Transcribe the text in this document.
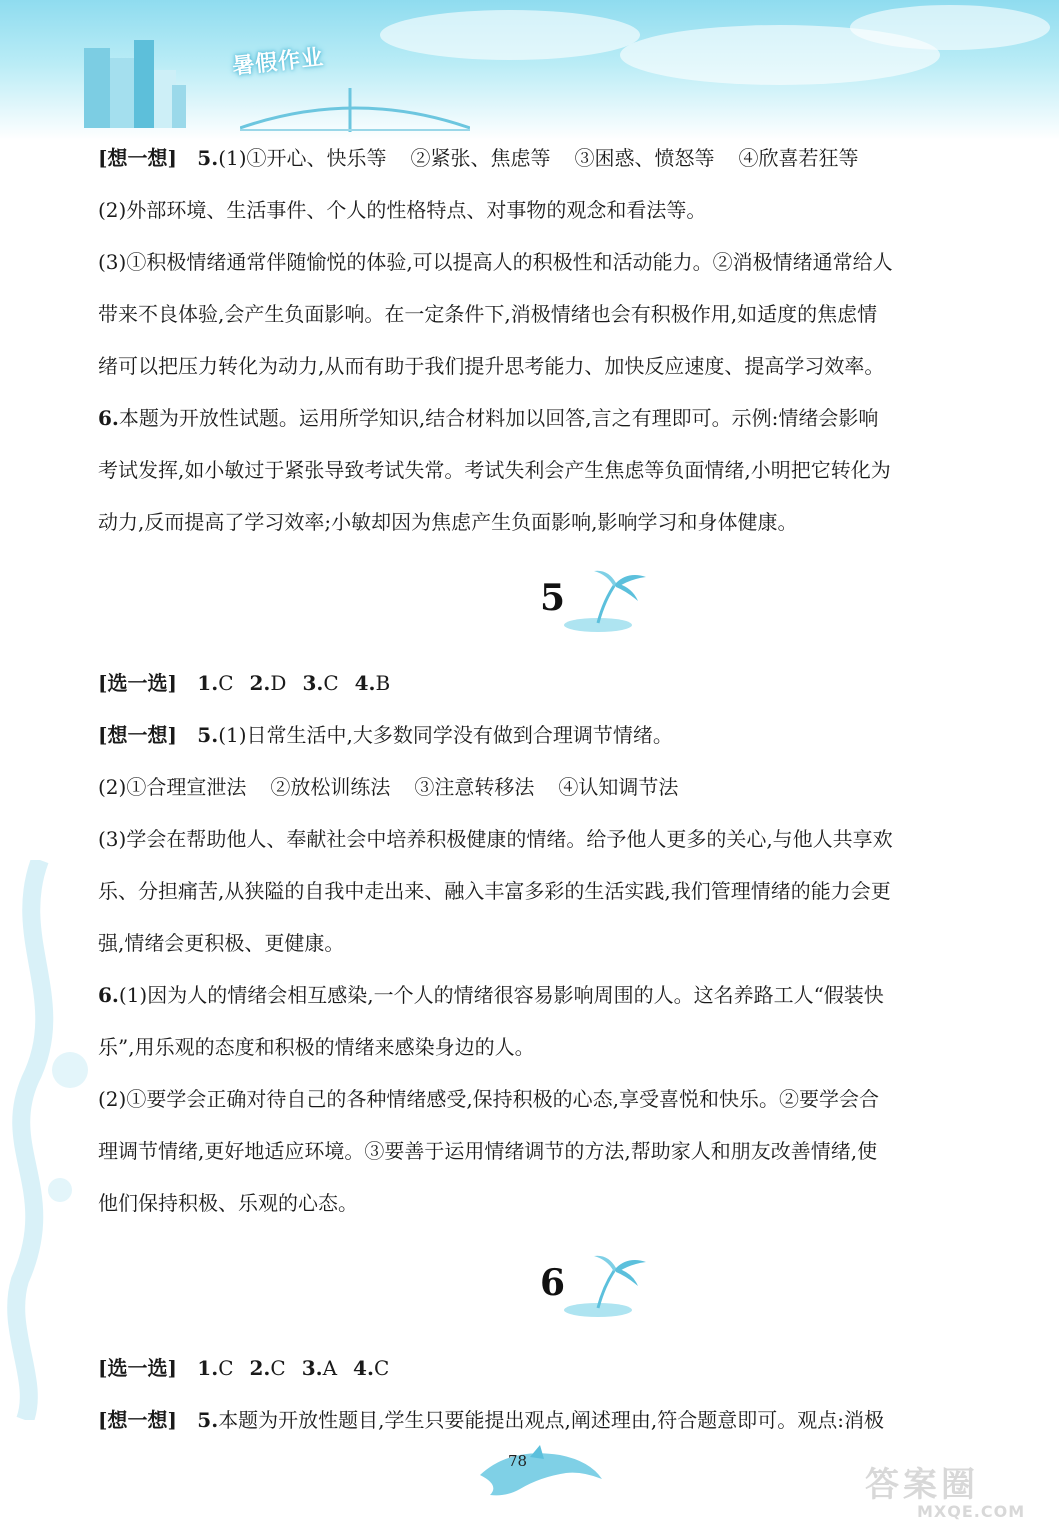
暑假作业

[想一想] 5.(1)①开心、快乐等 ②紧张、焦虑等 ③困惑、愤怒等 ④欣喜若狂等

(2)外部环境、生活事件、个人的性格特点、对事物的观念和看法等。

(3)①积极情绪通常伴随愉悦的体验,可以提高人的积极性和活动能力。②消极情绪通常给人

带来不良体验,会产生负面影响。在一定条件下,消极情绪也会有积极作用,如适度的焦虑情

绪可以把压力转化为动力,从而有助于我们提升思考能力、加快反应速度、提高学习效率。

6.本题为开放性试题。运用所学知识,结合材料加以回答,言之有理即可。示例:情绪会影响

考试发挥,如小敏过于紧张导致考试失常。考试失利会产生焦虑等负面情绪,小明把它转化为

动力,反而提高了学习效率;小敏却因为焦虑产生负面影响,影响学习和身体健康。

5

[选一选] 1.C 2.D 3.C 4.B

[想一想] 5.(1)日常生活中,大多数同学没有做到合理调节情绪。

(2)①合理宣泄法 ②放松训练法 ③注意转移法 ④认知调节法

(3)学会在帮助他人、奉献社会中培养积极健康的情绪。给予他人更多的关心,与他人共享欢

乐、分担痛苦,从狭隘的自我中走出来、融入丰富多彩的生活实践,我们管理情绪的能力会更

强,情绪会更积极、更健康。

6.(1)因为人的情绪会相互感染,一个人的情绪很容易影响周围的人。这名养路工人“假装快

乐”,用乐观的态度和积极的情绪来感染身边的人。

(2)①要学会正确对待自己的各种情绪感受,保持积极的心态,享受喜悦和快乐。②要学会合

理调节情绪,更好地适应环境。③要善于运用情绪调节的方法,帮助家人和朋友改善情绪,使

他们保持积极、乐观的心态。

6

[选一选] 1.C 2.C 3.A 4.C

[想一想] 5.本题为开放性题目,学生只要能提出观点,阐述理由,符合题意即可。观点:消极

78
答案圈
MXQE.COM
